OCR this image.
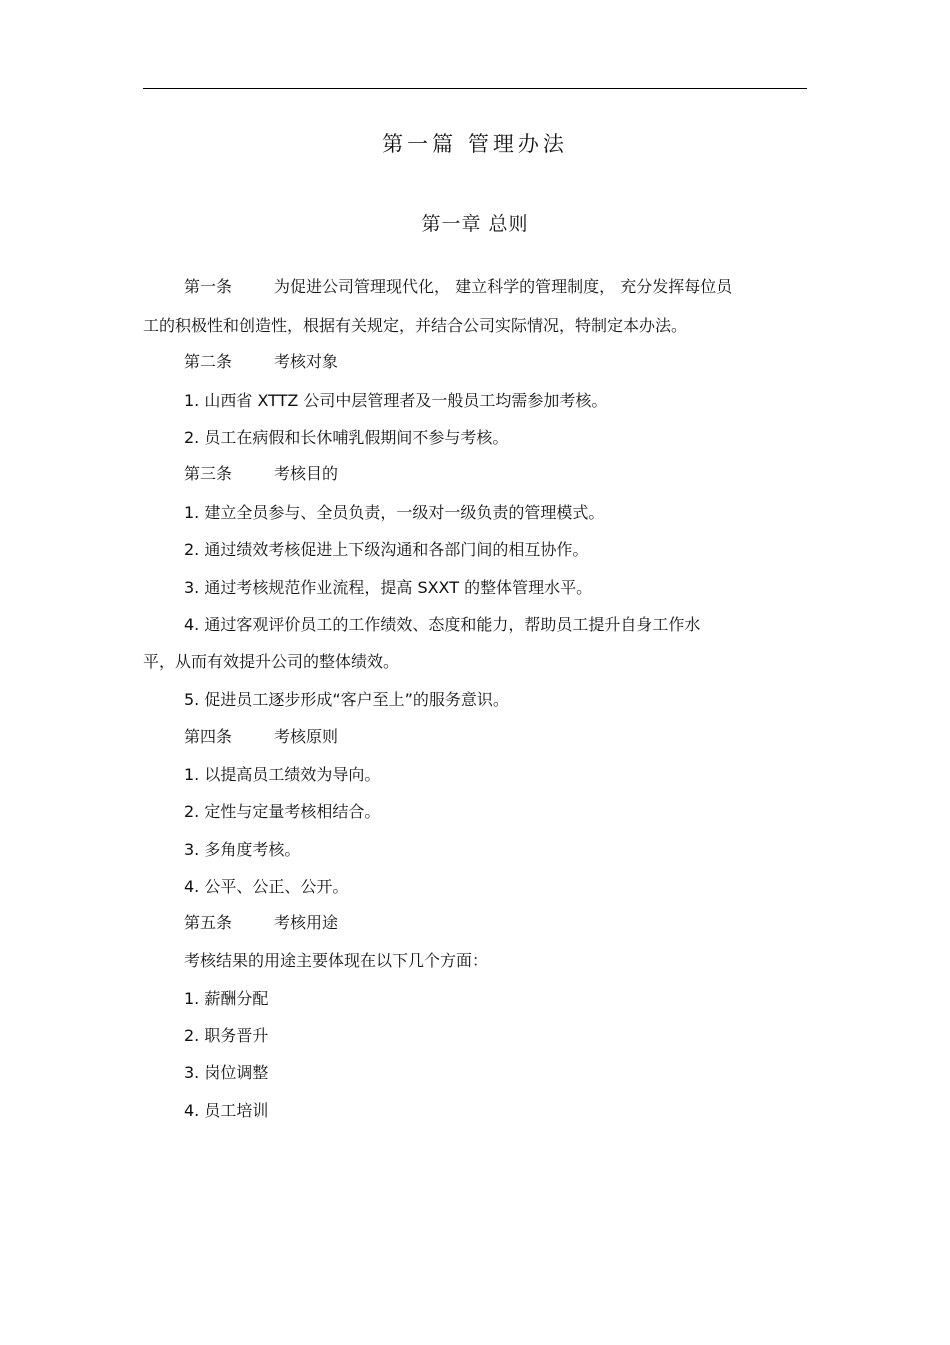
第一篇 管理办法
第一章 总则
第一条	为促进公司管理现代化， 建立科学的管理制度， 充分发挥每位员
工的积极性和创造性，根据有关规定，并结合公司实际情况，特制定本办法。
第二条	考核对象
1. 山西省 XTTZ 公司中层管理者及一般员工均需参加考核。
2. 员工在病假和长休哺乳假期间不参与考核。
第三条	考核目的
1. 建立全员参与、全员负责，一级对一级负责的管理模式。
2. 通过绩效考核促进上下级沟通和各部门间的相互协作。
3. 通过考核规范作业流程，提高 SXXT 的整体管理水平。
4. 通过客观评价员工的工作绩效、态度和能力，帮助员工提升自身工作水
平，从而有效提升公司的整体绩效。
5. 促进员工逐步形成“客户至上”的服务意识。
第四条	考核原则
1. 以提高员工绩效为导向。
2. 定性与定量考核相结合。
3. 多角度考核。
4. 公平、公正、公开。
第五条	考核用途
考核结果的用途主要体现在以下几个方面：
1. 薪酬分配
2. 职务晋升
3. 岗位调整
4. 员工培训
